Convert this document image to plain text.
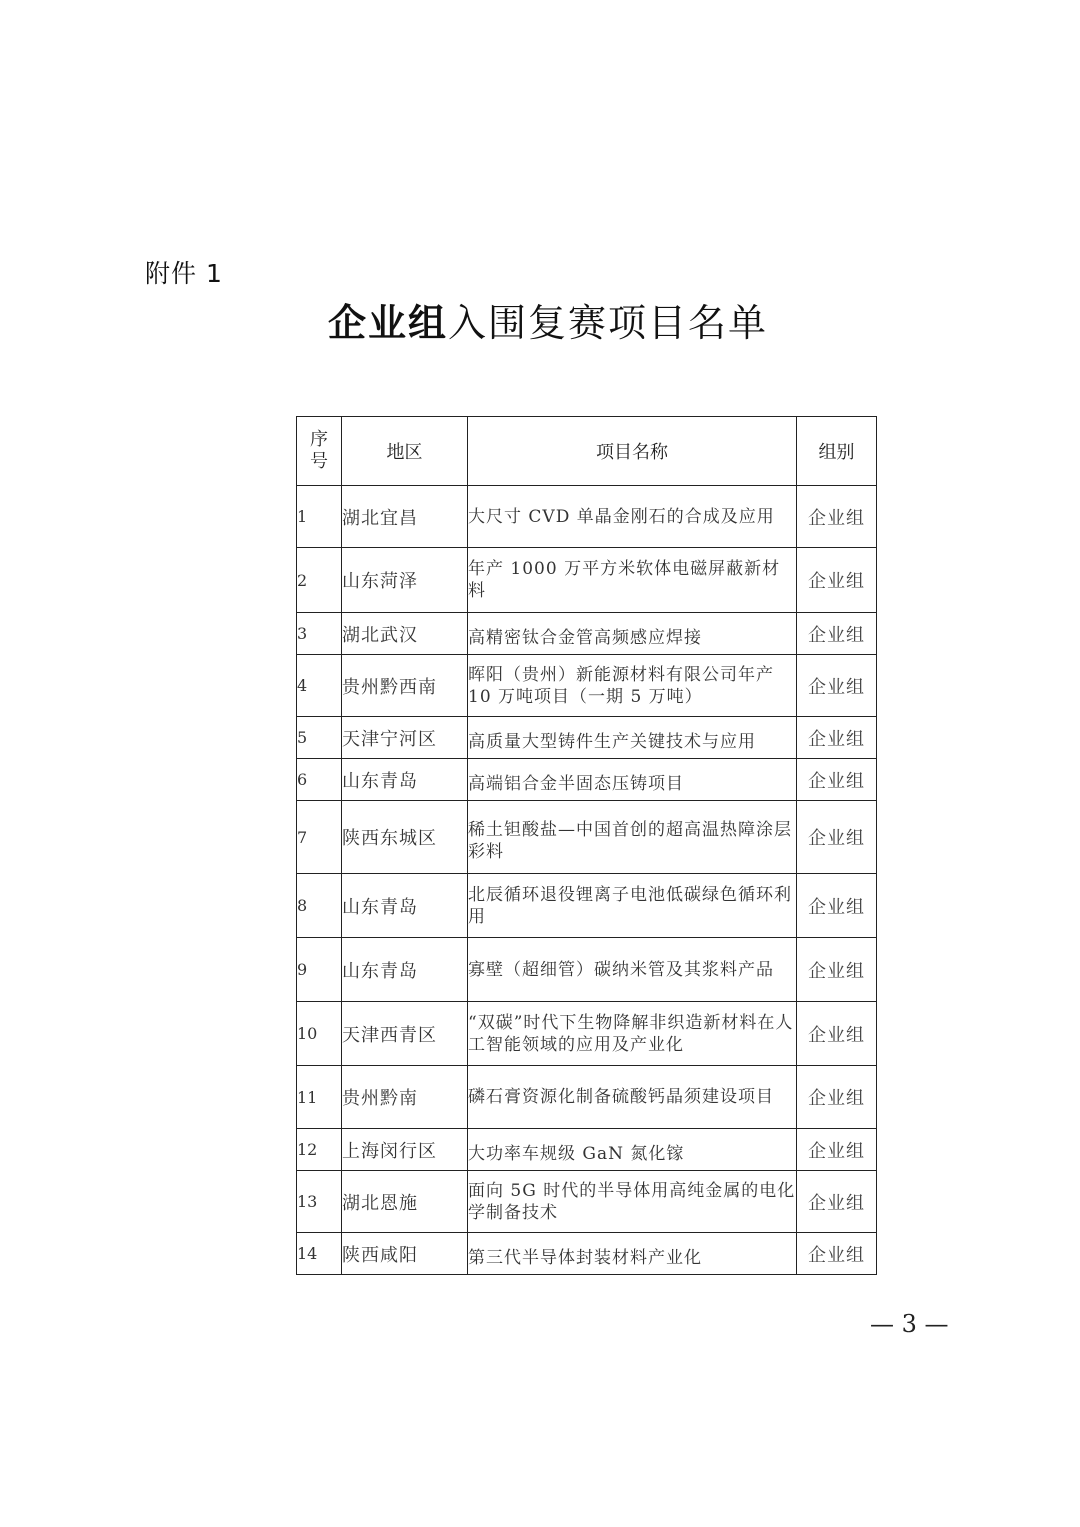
附件 1
企业组入围复赛项目名单
序号	地区	项目名称	组别
1	湖北宜昌	大尺寸 CVD 单晶金刚石的合成及应用	企业组
2	山东菏泽	年产 1000 万平方米软体电磁屏蔽新材料	企业组
3	湖北武汉	高精密钛合金管高频感应焊接	企业组
4	贵州黔西南	晖阳（贵州）新能源材料有限公司年产 10 万吨项目（一期 5 万吨）	企业组
5	天津宁河区	高质量大型铸件生产关键技术与应用	企业组
6	山东青岛	高端铝合金半固态压铸项目	企业组
7	陕西东城区	稀土钽酸盐—中国首创的超高温热障涂层彩料	企业组
8	山东青岛	北辰循环退役锂离子电池低碳绿色循环利用	企业组
9	山东青岛	寡壁（超细管）碳纳米管及其浆料产品	企业组
10	天津西青区	“双碳”时代下生物降解非织造新材料在人工智能领域的应用及产业化	企业组
11	贵州黔南	磷石膏资源化制备硫酸钙晶须建设项目	企业组
12	上海闵行区	大功率车规级 GaN 氮化镓	企业组
13	湖北恩施	面向 5G 时代的半导体用高纯金属的电化学制备技术	企业组
14	陕西咸阳	第三代半导体封装材料产业化	企业组
— 3 —
